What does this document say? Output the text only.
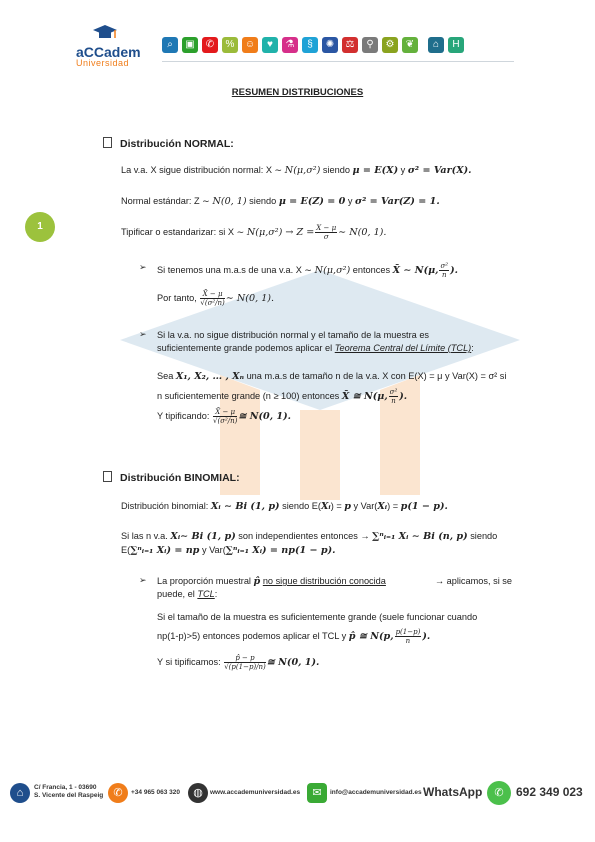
aCCadem
Universidad
⌕ ▣ ✆ % ☺ ♥ ⚗ § ✺ ⚖ ⚲ ⚙ ❦ ⌂ H
1
RESUMEN DISTRIBUCIONES
Distribución NORMAL:
La v.a. X sigue distribución normal: X ∼ N(μ,σ²) siendo μ = E(X) y σ² = Var(X).
Normal estándar: Z ∼ N(0, 1) siendo μ = E(Z) = 0 y σ² = Var(Z) = 1.
Tipificar o estandarizar: si X ∼ $N(\mu,\sigma^2) \to Z = \frac{X - \mu}{\sigma}$ ∼ N(0, 1).
➢ Si tenemos una m.a.s de una v.a. X ∼ N(μ,σ²) entonces X̄ ∼ N(μ, $\frac{\text{σ²}}{n}$ ).
Por tanto, $\frac{X̄ - \mu}{\text{√(σ²/n)}}$ ∼ N(0, 1).
➢ Si la v.a. no sigue distribución normal y el tamaño de la muestra es
suficientemente grande podemos aplicar el Teorema Central del Límite (TCL):
Sea X₁, X₂, … , Xₙ una m.a.s de tamaño n de la v.a. X con E(X) = μ y Var(X) = σ² si
n suficientemente grande (n ≥ 100) entonces X̄ ≅ N(μ, $\frac{\text{σ²}}{n}$ ).
Y tipificando: $\frac{X̄ - \mu}{\text{√(σ²/n)}}$ ≅ N(0, 1).
Distribución BINOMIAL:
Distribución binomial: Xᵢ ∼ Bi (1, p) siendo E(Xᵢ) = p y Var(Xᵢ) = p(1 − p).
Si las n v.a. Xᵢ∼ Bi (1, p) son independientes entonces → ∑ⁿᵢ₌₁ Xᵢ ∼ Bi (n, p) siendo
E(∑ⁿᵢ₌₁ Xᵢ) = np y Var(∑ⁿᵢ₌₁ Xᵢ) = np(1 − p).
➢ La proporción muestral p̂ no sigue distribución conocida	→ aplicamos, si se
puede, el TCL:
Si el tamaño de la muestra es suficientemente grande (suele funcionar cuando
np(1-p)>5) entonces podemos aplicar el TCL y p̂ ≅ N(p, $\frac{p(1-p)}{n}$ ).
Y si tipificamos: $\frac{p̂ - p}{√(p(1-p)/n)}$ ≅ N(0, 1).
⌂	C/ Francia, 1 - 03690
S. Vicente del Raspeig ✆	+34 965 063 320	◍	www.accademuniversidad.es	✉	info@accademuniversidad.es WhatsApp	✆	692 349 023
